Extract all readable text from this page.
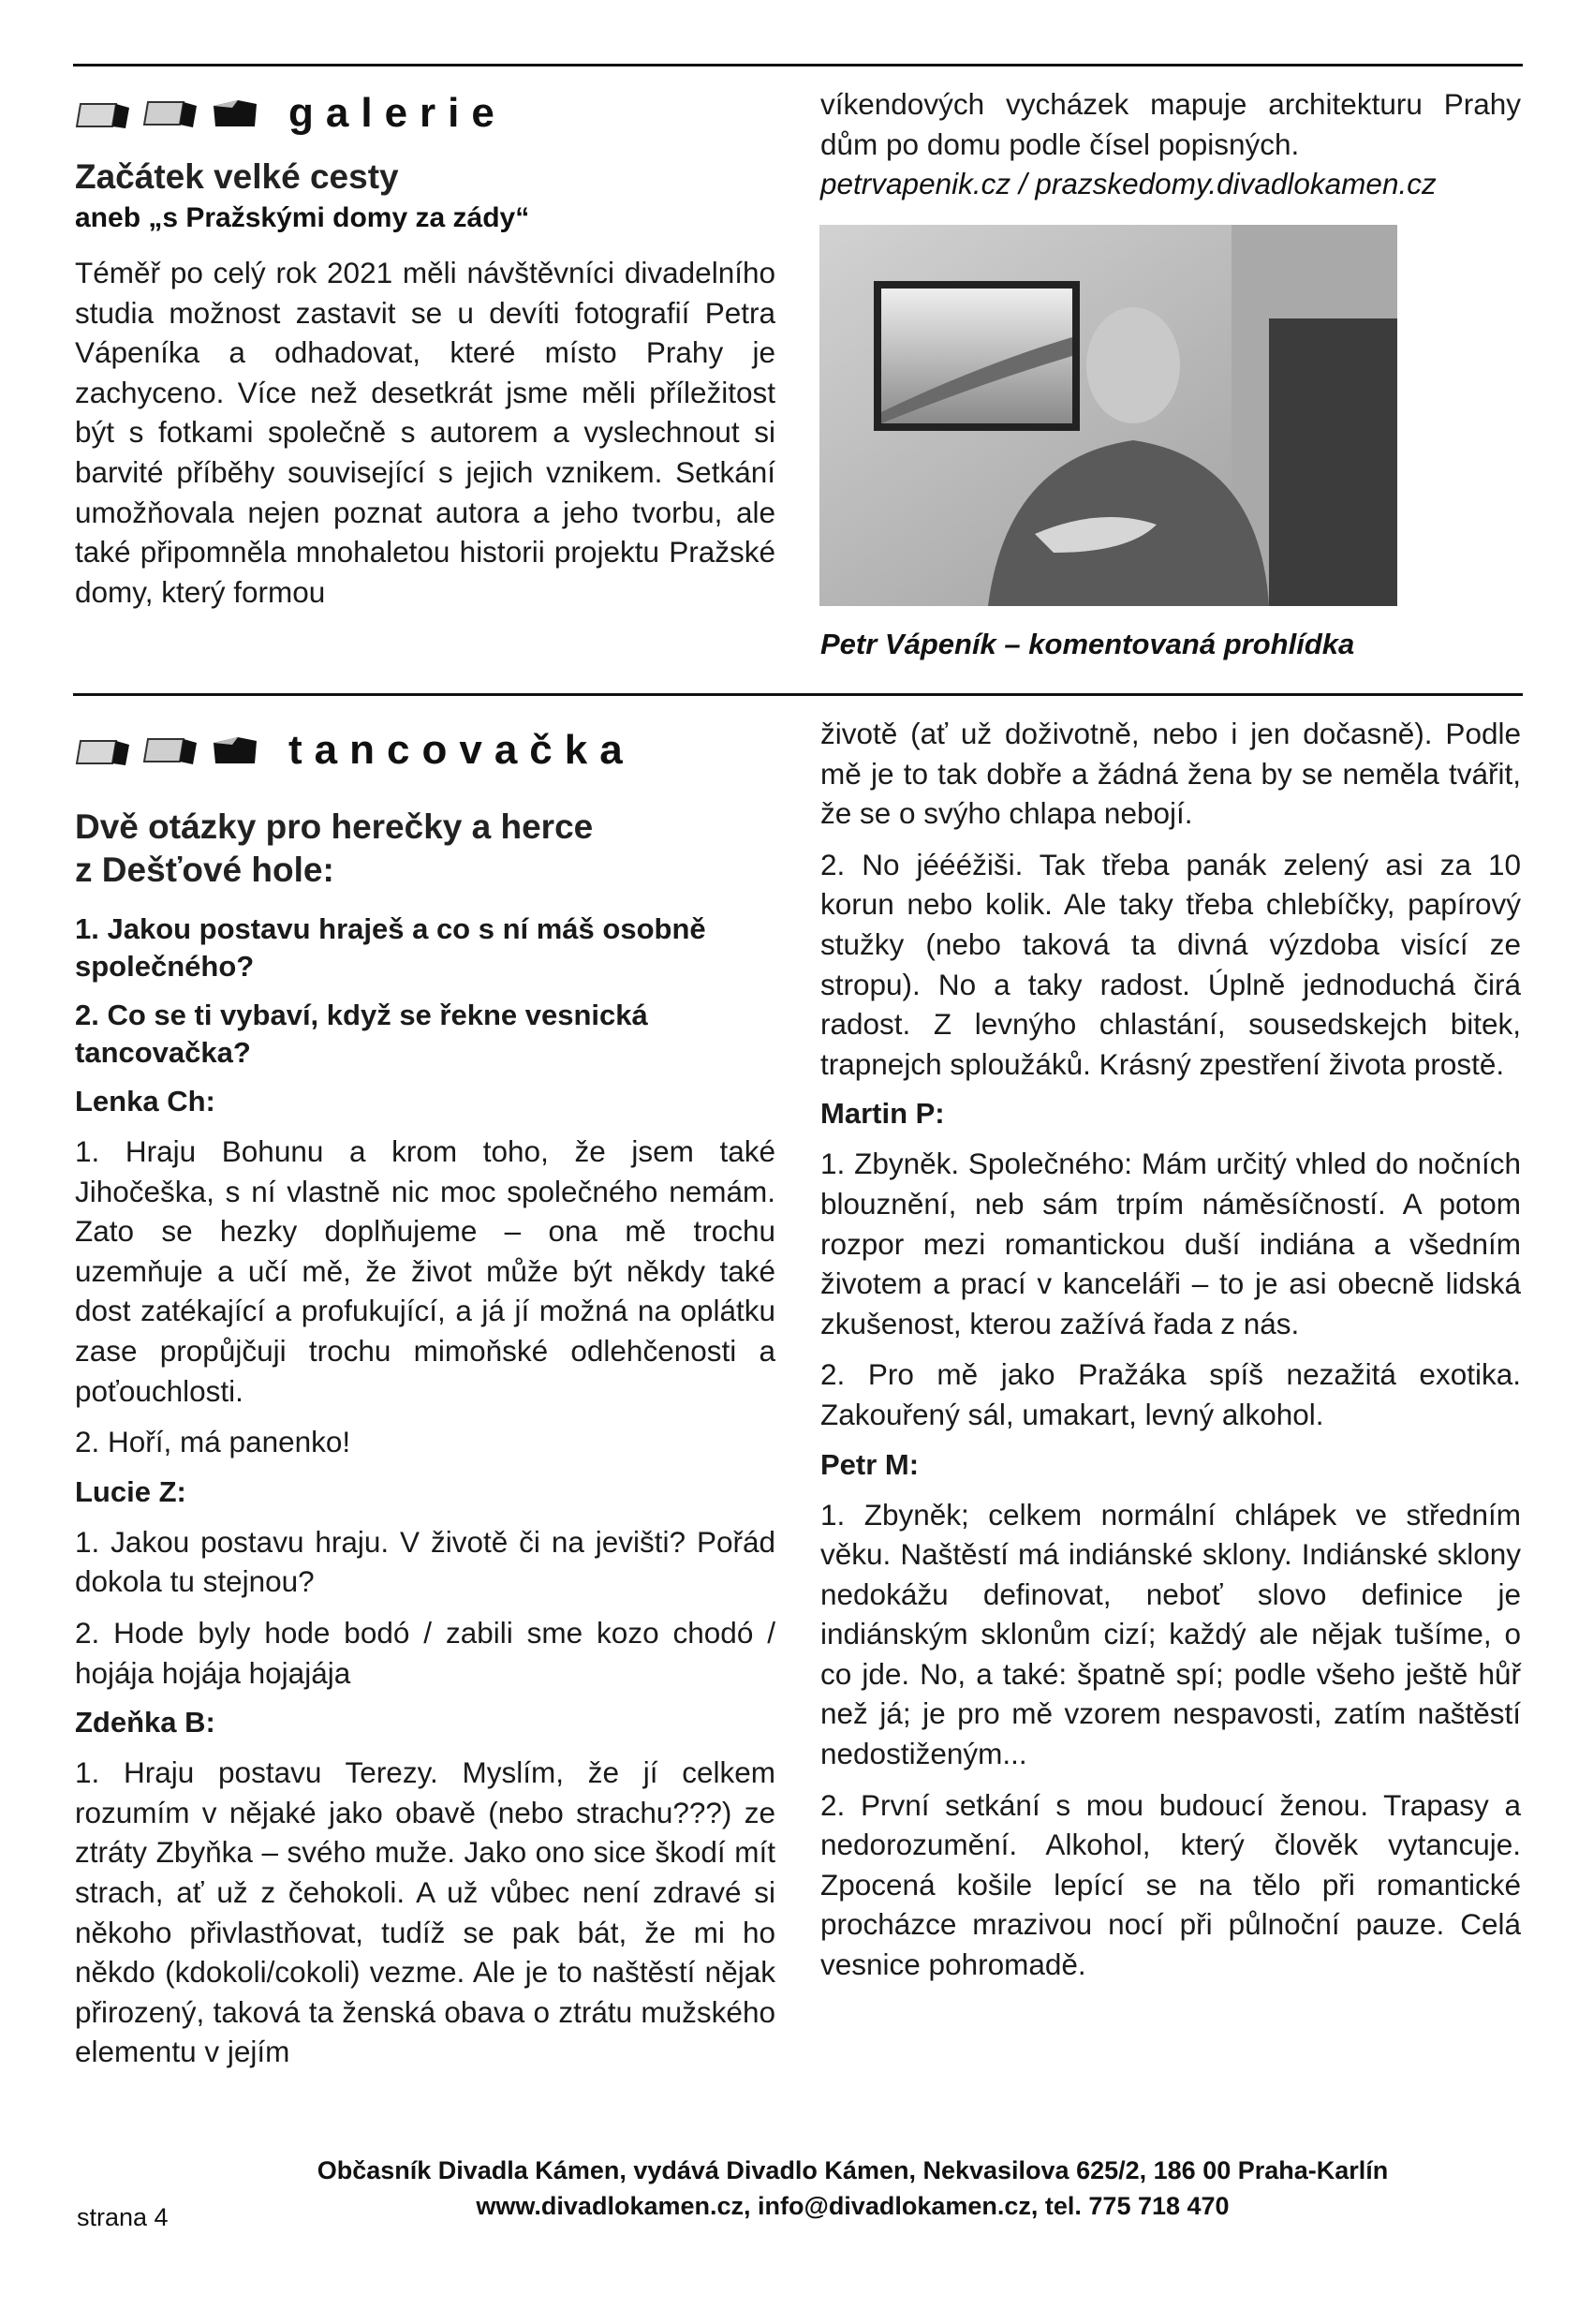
galerie
Začátek velké cesty
aneb „s Pražskými domy za zády“

Téměř po celý rok 2021 měli návštěvníci divadelního studia možnost zastavit se u devíti fotografií Petra Vápeníka a odhadovat, které místo Prahy je zachyceno. Více než desetkrát jsme měli příležitost být s fotkami společně s autorem a vyslechnout si barvité příběhy související s jejich vznikem. Setkání umožňovala nejen poznat autora a jeho tvorbu, ale také připomněla mnohaletou historii projektu Pražské domy, který formou

víkendových vycházek mapuje architekturu Prahy dům po domu podle čísel popisných.

petrvapenik.cz / prazskedomy.divadlokamen.cz
Petr Vápeník – komentovaná prohlídka
tancovačka
Dvě otázky pro herečky a herce
z Dešťové hole:

1. Jakou postavu hraješ a co s ní máš osobně společného?

2. Co se ti vybaví, když se řekne vesnická tancovačka?

Lenka Ch:

1. Hraju Bohunu a krom toho, že jsem také Jihočeška, s ní vlastně nic moc společného nemám. Zato se hezky doplňujeme – ona mě trochu uzemňuje a učí mě, že život může být někdy také dost zatékající a profukující, a já jí možná na oplátku zase propůjčuji trochu mimoňské odlehčenosti a poťouchlosti.

2. Hoří, má panenko!

Lucie Z:

1. Jakou postavu hraju. V životě či na jevišti? Pořád dokola tu stejnou?

2. Hode byly hode bodó / zabili sme kozo chodó / hojája hojája hojajája

Zdeňka B:

1. Hraju postavu Terezy. Myslím, že jí celkem rozumím v nějaké jako obavě (nebo strachu???) ze ztráty Zbyňka – svého muže. Jako ono sice škodí mít strach, ať už z čehokoli. A už vůbec není zdravé si někoho přivlastňovat, tudíž se pak bát, že mi ho někdo (kdokoli/cokoli) vezme. Ale je to naštěstí nějak přirozený, taková ta ženská obava o ztrátu mužského elementu v jejím

životě (ať už doživotně, nebo i jen dočasně). Podle mě je to tak dobře a žádná žena by se neměla tvářit, že se o svýho chlapa nebojí.

2. No jéééžiši. Tak třeba panák zelený asi za 10 korun nebo kolik. Ale taky třeba chlebíčky, papírový stužky (nebo taková ta divná výzdoba visící ze stropu). No a taky radost. Úplně jednoduchá čirá radost. Z levnýho chlastání, sousedskejch bitek, trapnejch sploužáků. Krásný zpestření života prostě.

Martin P:

1. Zbyněk. Společného: Mám určitý vhled do nočních blouznění, neb sám trpím náměsíčností. A potom rozpor mezi romantickou duší indiána a všedním životem a prací v kanceláři – to je asi obecně lidská zkušenost, kterou zažívá řada z nás.

2. Pro mě jako Pražáka spíš nezažitá exotika. Zakouřený sál, umakart, levný alkohol.

Petr M:

1. Zbyněk; celkem normální chlápek ve středním věku. Naštěstí má indiánské sklony. Indiánské sklony nedokážu definovat, neboť slovo definice je indiánským sklonům cizí; každý ale nějak tušíme, o co jde. No, a také: špatně spí; podle všeho ještě hůř než já; je pro mě vzorem nespavosti, zatím naštěstí nedostiženým...

2. První setkání s mou budoucí ženou. Trapasy a nedorozumění. Alkohol, který člověk vytancuje. Zpocená košile lepící se na tělo při romantické procházce mrazivou nocí při půlnoční pauze. Celá vesnice pohromadě.

Občasník Divadla Kámen, vydává Divadlo Kámen, Nekvasilova 625/2, 186 00 Praha-Karlín
www.divadlokamen.cz, info@divadlokamen.cz, tel. 775 718 470
strana 4
